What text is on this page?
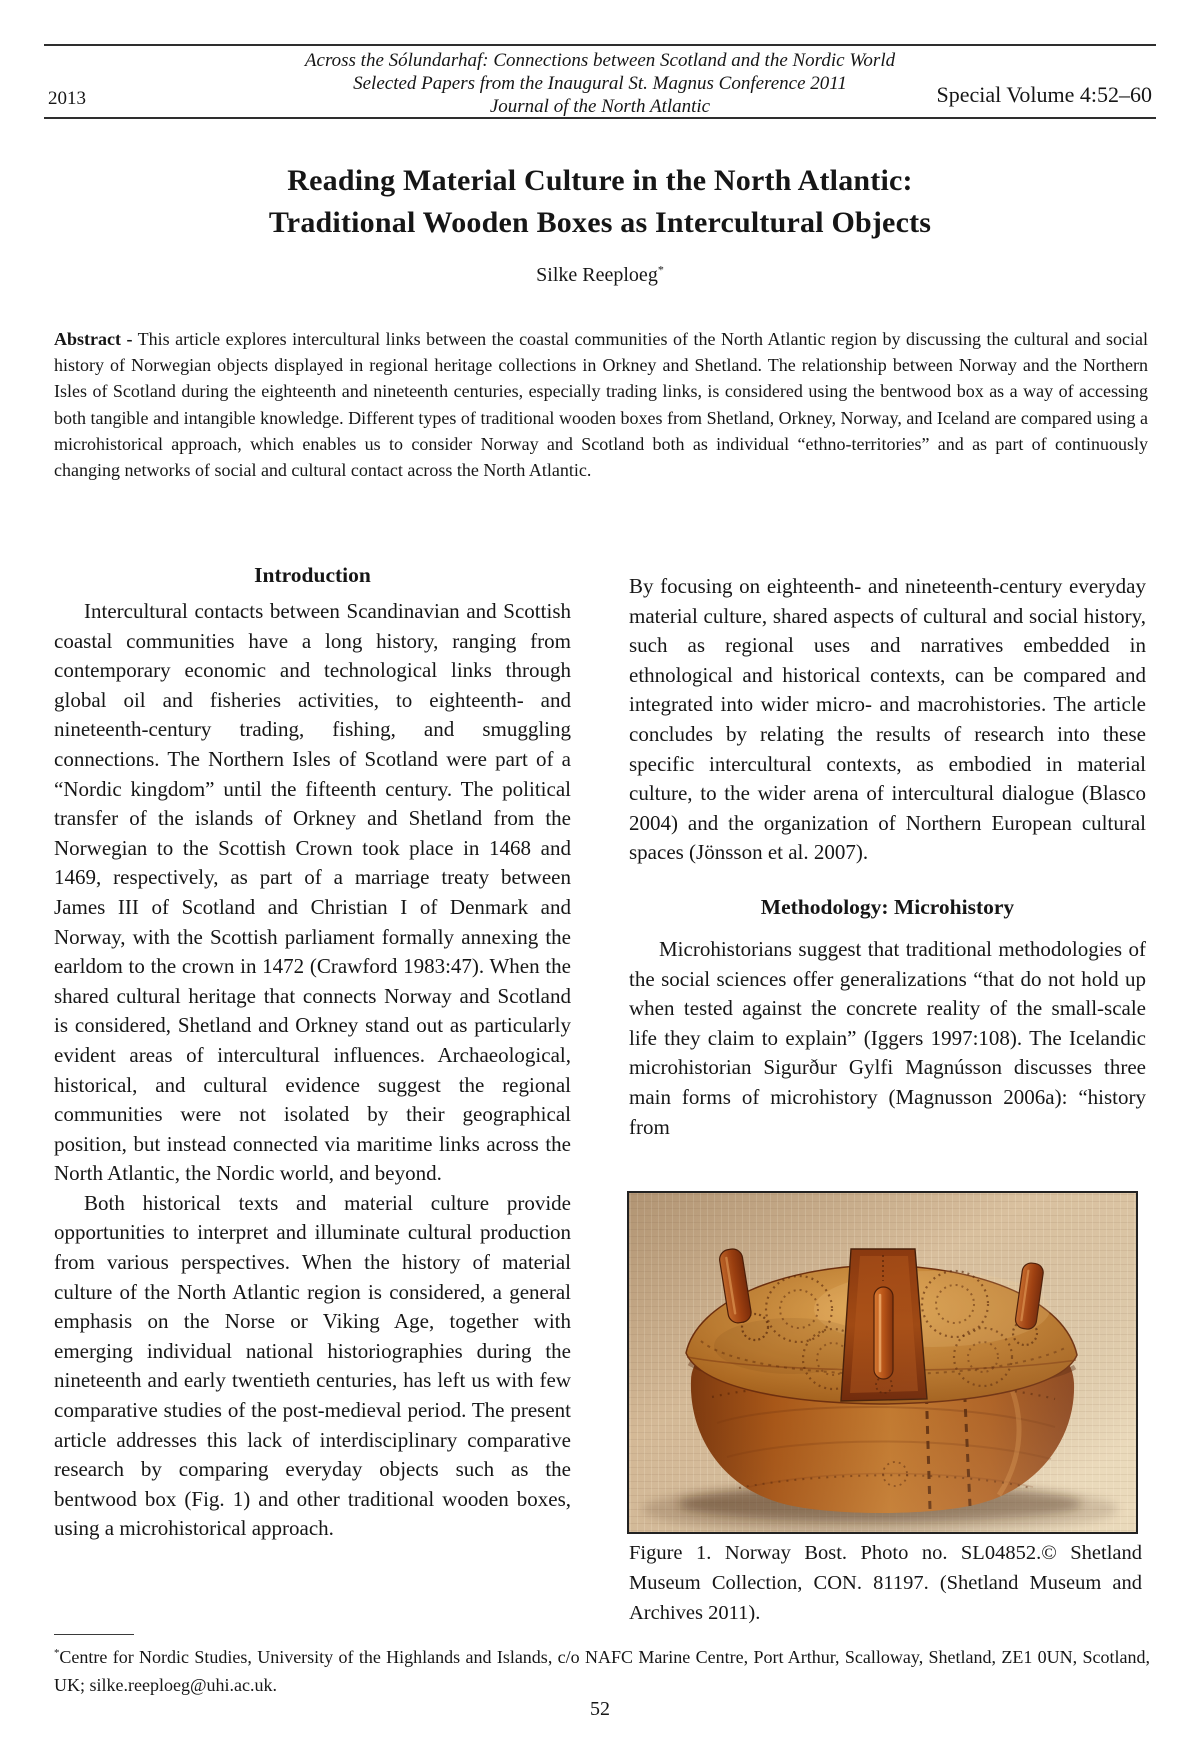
Across the Sólundarhaf: Connections between Scotland and the Nordic World
Selected Papers from the Inaugural St. Magnus Conference 2011
Journal of the North Atlantic
2013	Special Volume 4:52–60
Reading Material Culture in the North Atlantic:
Traditional Wooden Boxes as Intercultural Objects
Silke Reeploeg*

Abstract - This article explores intercultural links between the coastal communities of the North Atlantic region by discussing the cultural and social history of Norwegian objects displayed in regional heritage collections in Orkney and Shetland. The relationship between Norway and the Northern Isles of Scotland during the eighteenth and nineteenth centuries, especially trading links, is considered using the bentwood box as a way of accessing both tangible and intangible knowledge. Different types of traditional wooden boxes from Shetland, Orkney, Norway, and Iceland are compared using a microhistorical approach, which enables us to consider Norway and Scotland both as individual “ethno-territories” and as part of continuously changing networks of social and cultural contact across the North Atlantic.

Introduction

Intercultural contacts between Scandinavian and Scottish coastal communities have a long history, ranging from contemporary economic and technological links through global oil and fisheries activities, to eighteenth- and nineteenth-century trading, fishing, and smuggling connections. The Northern Isles of Scotland were part of a “Nordic kingdom” until the fifteenth century. The political transfer of the islands of Orkney and Shetland from the Norwegian to the Scottish Crown took place in 1468 and 1469, respectively, as part of a marriage treaty between James III of Scotland and Christian I of Denmark and Norway, with the Scottish parliament formally annexing the earldom to the crown in 1472 (Crawford 1983:47). When the shared cultural heritage that connects Norway and Scotland is considered, Shetland and Orkney stand out as particularly evident areas of intercultural influences. Archaeological, historical, and cultural evidence suggest the regional communities were not isolated by their geographical position, but instead connected via maritime links across the North Atlantic, the Nordic world, and beyond.

Both historical texts and material culture provide opportunities to interpret and illuminate cultural production from various perspectives. When the history of material culture of the North Atlantic region is considered, a general emphasis on the Norse or Viking Age, together with emerging individual national historiographies during the nineteenth and early twentieth centuries, has left us with few comparative studies of the post-medieval period. The present article addresses this lack of interdisciplinary comparative research by comparing everyday objects such as the bentwood box (Fig. 1) and other traditional wooden boxes, using a microhistorical approach.

By focusing on eighteenth- and nineteenth-century everyday material culture, shared aspects of cultural and social history, such as regional uses and narratives embedded in ethnological and historical contexts, can be compared and integrated into wider micro- and macrohistories. The article concludes by relating the results of research into these specific intercultural contexts, as embodied in material culture, to the wider arena of intercultural dialogue (Blasco 2004) and the organization of Northern European cultural spaces (Jönsson et al. 2007).

Methodology: Microhistory

Microhistorians suggest that traditional methodologies of the social sciences offer generalizations “that do not hold up when tested against the concrete reality of the small-scale life they claim to explain” (Iggers 1997:108). The Icelandic microhistorian Sigurður Gylfi Magnússon discusses three main forms of microhistory (Magnusson 2006a): “history from

Figure 1. Norway Bost. Photo no. SL04852.© Shetland Museum Collection, CON. 81197. (Shetland Museum and Archives 2011).

*Centre for Nordic Studies, University of the Highlands and Islands, c/o NAFC Marine Centre, Port Arthur, Scalloway, Shetland, ZE1 0UN, Scotland, UK; silke.reeploeg@uhi.ac.uk.

52
